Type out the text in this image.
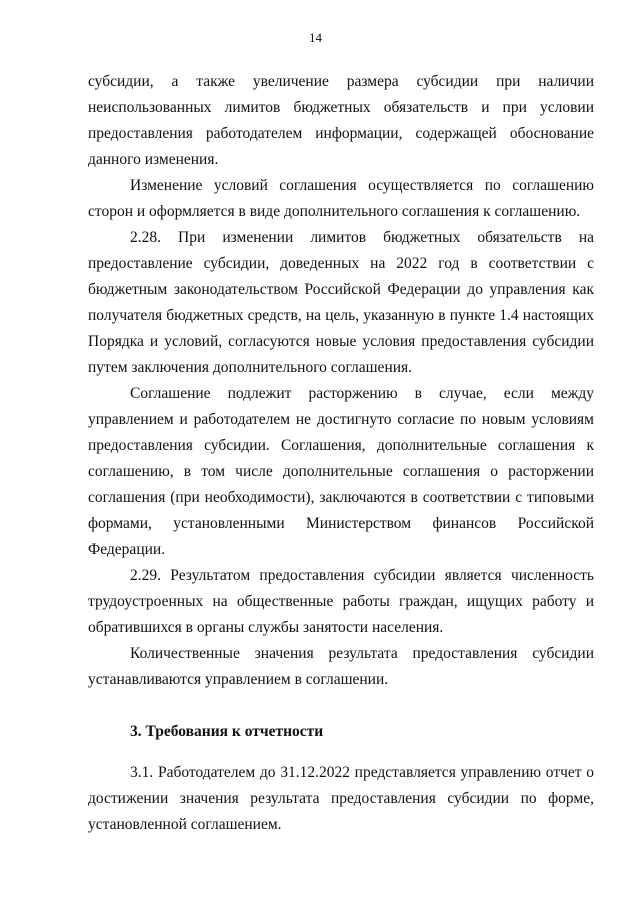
14

субсидии, а также увеличение размера субсидии при наличии неиспользованных лимитов бюджетных обязательств и при условии предоставления работодателем информации, содержащей обоснование данного изменения.

Изменение условий соглашения осуществляется по соглашению сторон и оформляется в виде дополнительного соглашения к соглашению.

2.28. При изменении лимитов бюджетных обязательств на предоставление субсидии, доведенных на 2022 год в соответствии с бюджетным законодательством Российской Федерации до управления как получателя бюджетных средств, на цель, указанную в пункте 1.4 настоящих Порядка и условий, согласуются новые условия предоставления субсидии путем заключения дополнительного соглашения.

Соглашение подлежит расторжению в случае, если между управлением и работодателем не достигнуто согласие по новым условиям предоставления субсидии. Соглашения, дополнительные соглашения к соглашению, в том числе дополнительные соглашения о расторжении соглашения (при необходимости), заключаются в соответствии с типовыми формами, установленными Министерством финансов Российской Федерации.

2.29. Результатом предоставления субсидии является численность трудоустроенных на общественные работы граждан, ищущих работу и обратившихся в органы службы занятости населения.

Количественные значения результата предоставления субсидии устанавливаются управлением в соглашении.

3. Требования к отчетности

3.1. Работодателем до 31.12.2022 представляется управлению отчет о достижении значения результата предоставления субсидии по форме, установленной соглашением.
